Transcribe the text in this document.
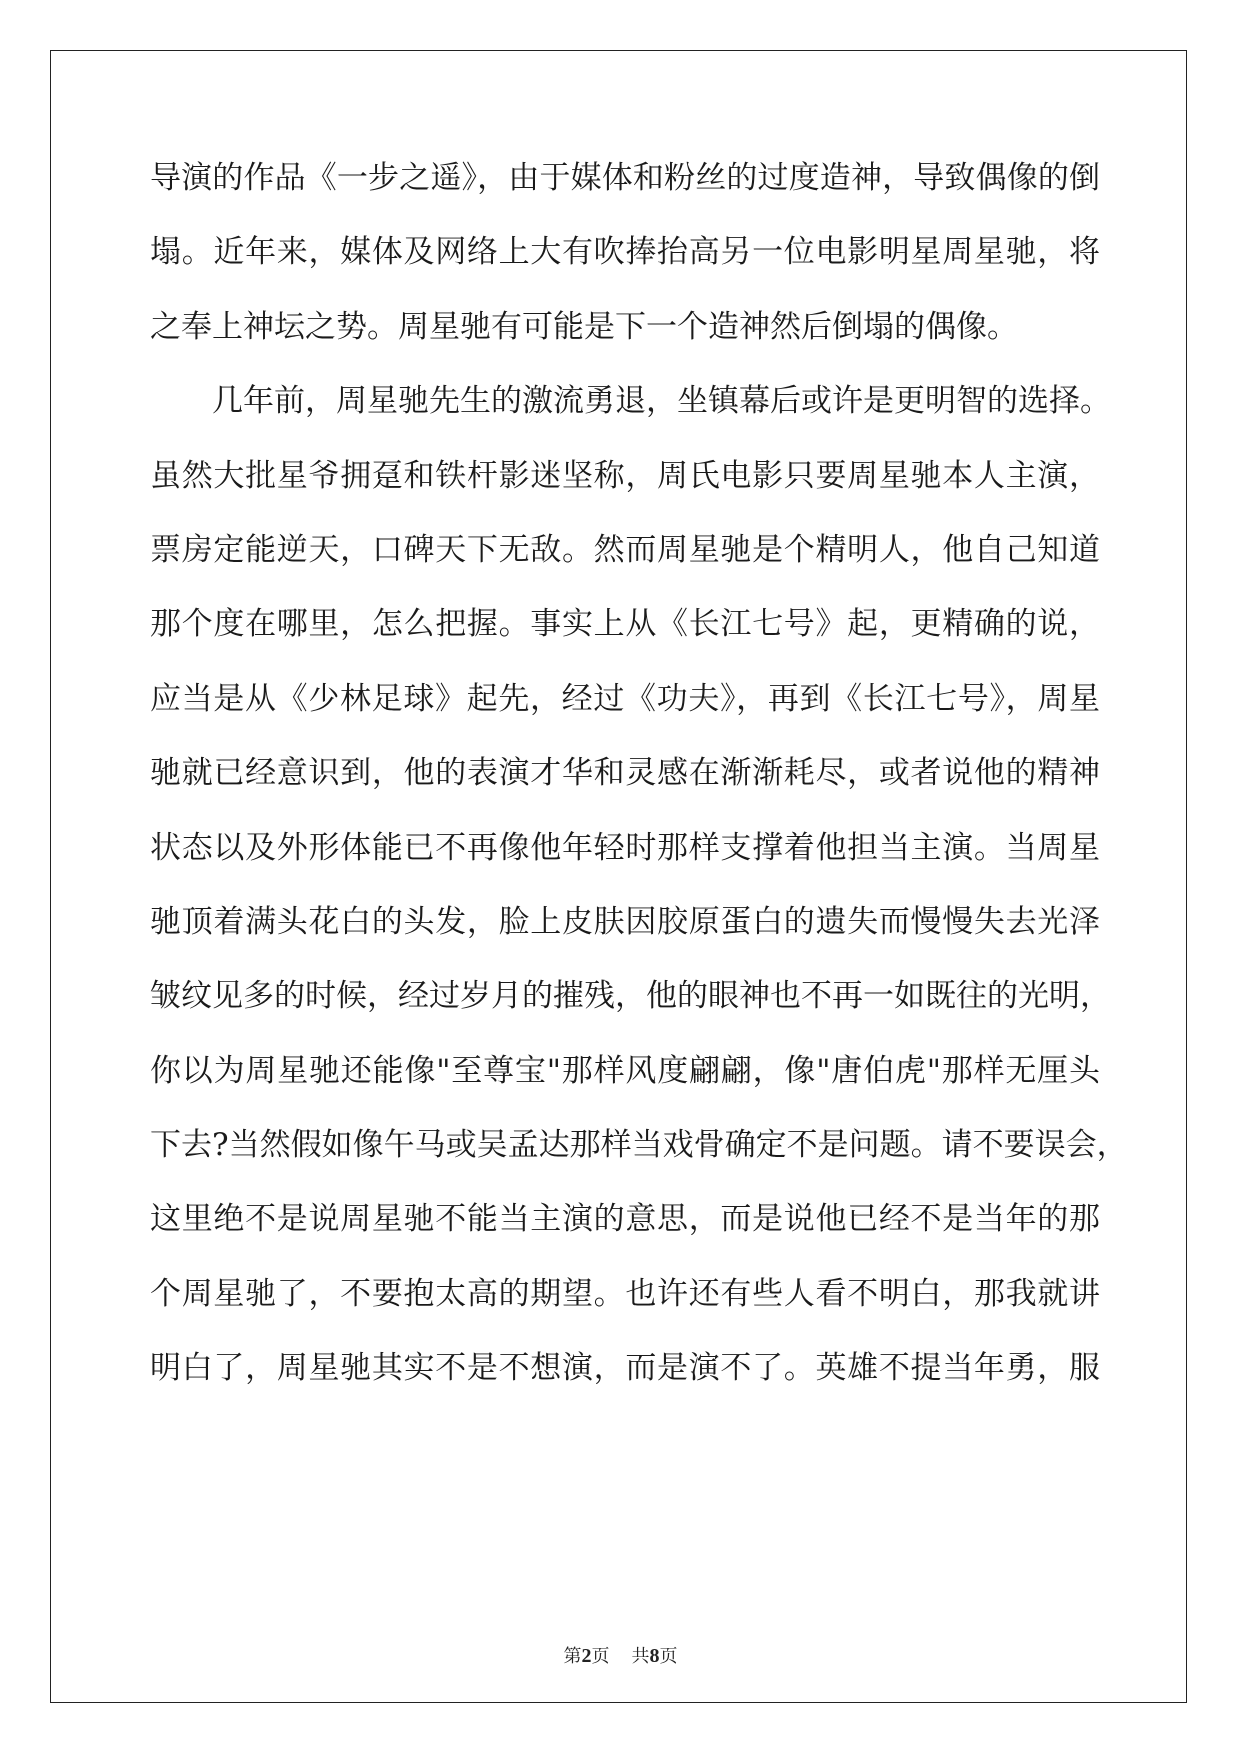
导演的作品《一步之遥》，由于媒体和粉丝的过度造神，导致偶像的倒
塌。近年来，媒体及网络上大有吹捧抬高另一位电影明星周星驰，将
之奉上神坛之势。周星驰有可能是下一个造神然后倒塌的偶像。
几年前，周星驰先生的激流勇退，坐镇幕后或许是更明智的选择。
虽然大批星爷拥趸和铁杆影迷坚称，周氏电影只要周星驰本人主演，
票房定能逆天，口碑天下无敌。然而周星驰是个精明人，他自己知道
那个度在哪里，怎么把握。事实上从《长江七号》起，更精确的说，
应当是从《少林足球》起先，经过《功夫》，再到《长江七号》，周星
驰就已经意识到，他的表演才华和灵感在渐渐耗尽，或者说他的精神
状态以及外形体能已不再像他年轻时那样支撑着他担当主演。当周星
驰顶着满头花白的头发，脸上皮肤因胶原蛋白的遗失而慢慢失去光泽
皱纹见多的时候，经过岁月的摧残，他的眼神也不再一如既往的光明，
你以为周星驰还能像"至尊宝"那样风度翩翩，像"唐伯虎"那样无厘头
下去?当然假如像午马或吴孟达那样当戏骨确定不是问题。请不要误会，
这里绝不是说周星驰不能当主演的意思，而是说他已经不是当年的那
个周星驰了，不要抱太高的期望。也许还有些人看不明白，那我就讲
明白了，周星驰其实不是不想演，而是演不了。英雄不提当年勇，服
第2页 共8页
